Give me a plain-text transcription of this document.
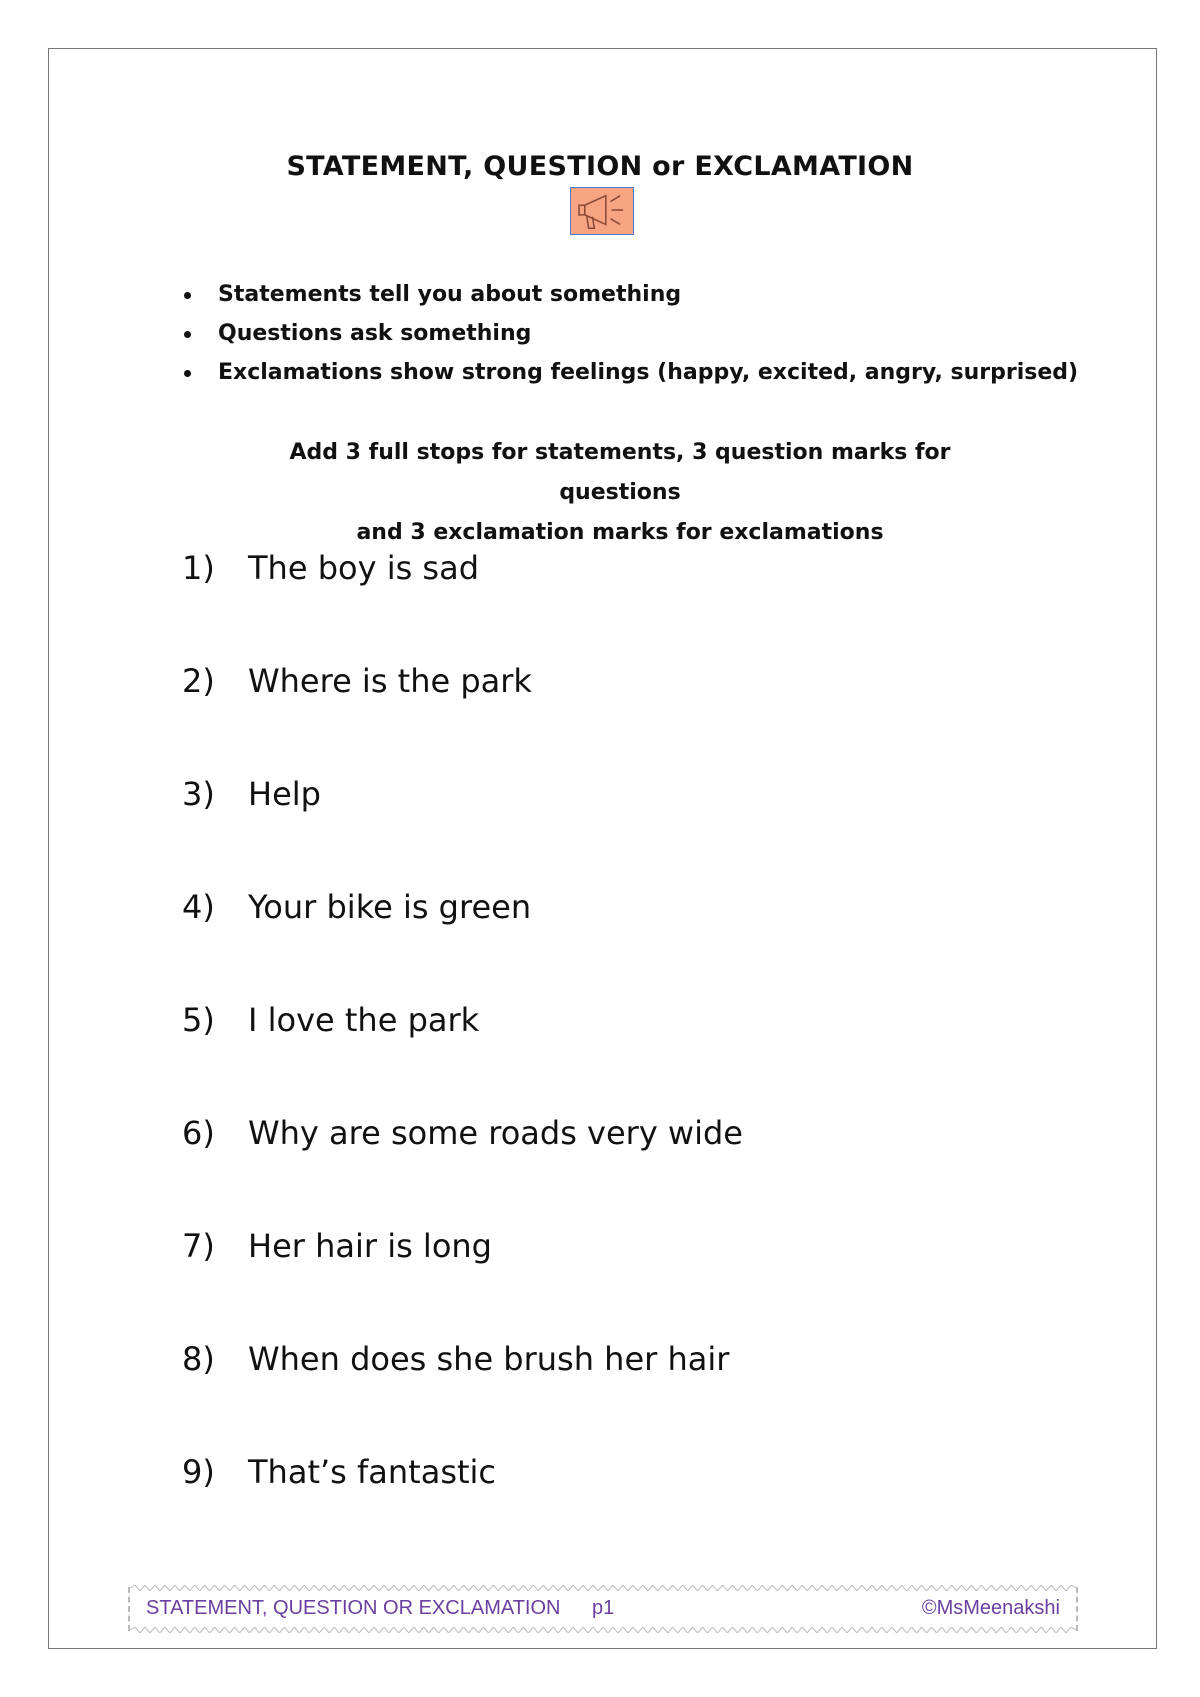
STATEMENT, QUESTION or EXCLAMATION
Statements tell you about something
Questions ask something
Exclamations show strong feelings (happy, excited, angry, surprised)
Add 3 full stops for statements, 3 question marks for questions
and 3 exclamation marks for exclamations
1) The boy is sad
2) Where is the park
3) Help
4) Your bike is green
5) I love the park
6) Why are some roads very wide
7) Her hair is long
8) When does she brush her hair
9) That’s fantastic
STATEMENT, QUESTION OR EXCLAMATION p1	©MsMeenakshi
